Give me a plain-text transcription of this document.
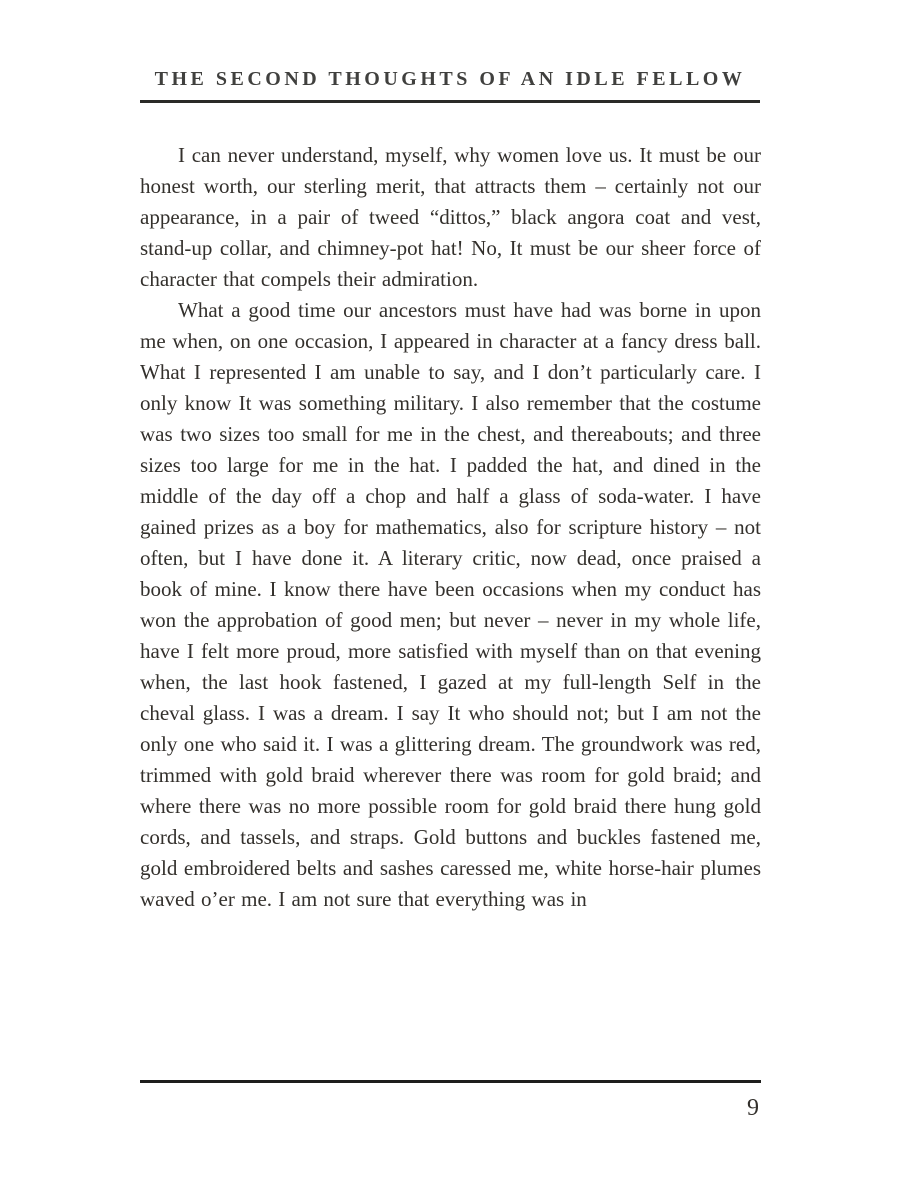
THE SECOND THOUGHTS OF AN IDLE FELLOW

I can never understand, myself, why women love us. It must be our honest worth, our sterling merit, that attracts them – certainly not our appearance, in a pair of tweed “dittos,” black angora coat and vest, stand-up collar, and chimney-pot hat! No, It must be our sheer force of character that compels their admiration.

What a good time our ancestors must have had was borne in upon me when, on one occasion, I appeared in character at a fancy dress ball. What I represented I am unable to say, and I don’t particularly care. I only know It was something military. I also remember that the costume was two sizes too small for me in the chest, and thereabouts; and three sizes too large for me in the hat. I padded the hat, and dined in the middle of the day off a chop and half a glass of soda-water. I have gained prizes as a boy for mathematics, also for scripture history – not often, but I have done it. A literary critic, now dead, once praised a book of mine. I know there have been occasions when my conduct has won the approbation of good men; but never – never in my whole life, have I felt more proud, more satisfied with myself than on that evening when, the last hook fastened, I gazed at my full-length Self in the cheval glass. I was a dream. I say It who should not; but I am not the only one who said it. I was a glittering dream. The groundwork was red, trimmed with gold braid wherever there was room for gold braid; and where there was no more possible room for gold braid there hung gold cords, and tassels, and straps. Gold buttons and buckles fastened me, gold embroidered belts and sashes caressed me, white horse-hair plumes waved o’er me. I am not sure that everything was in

9
